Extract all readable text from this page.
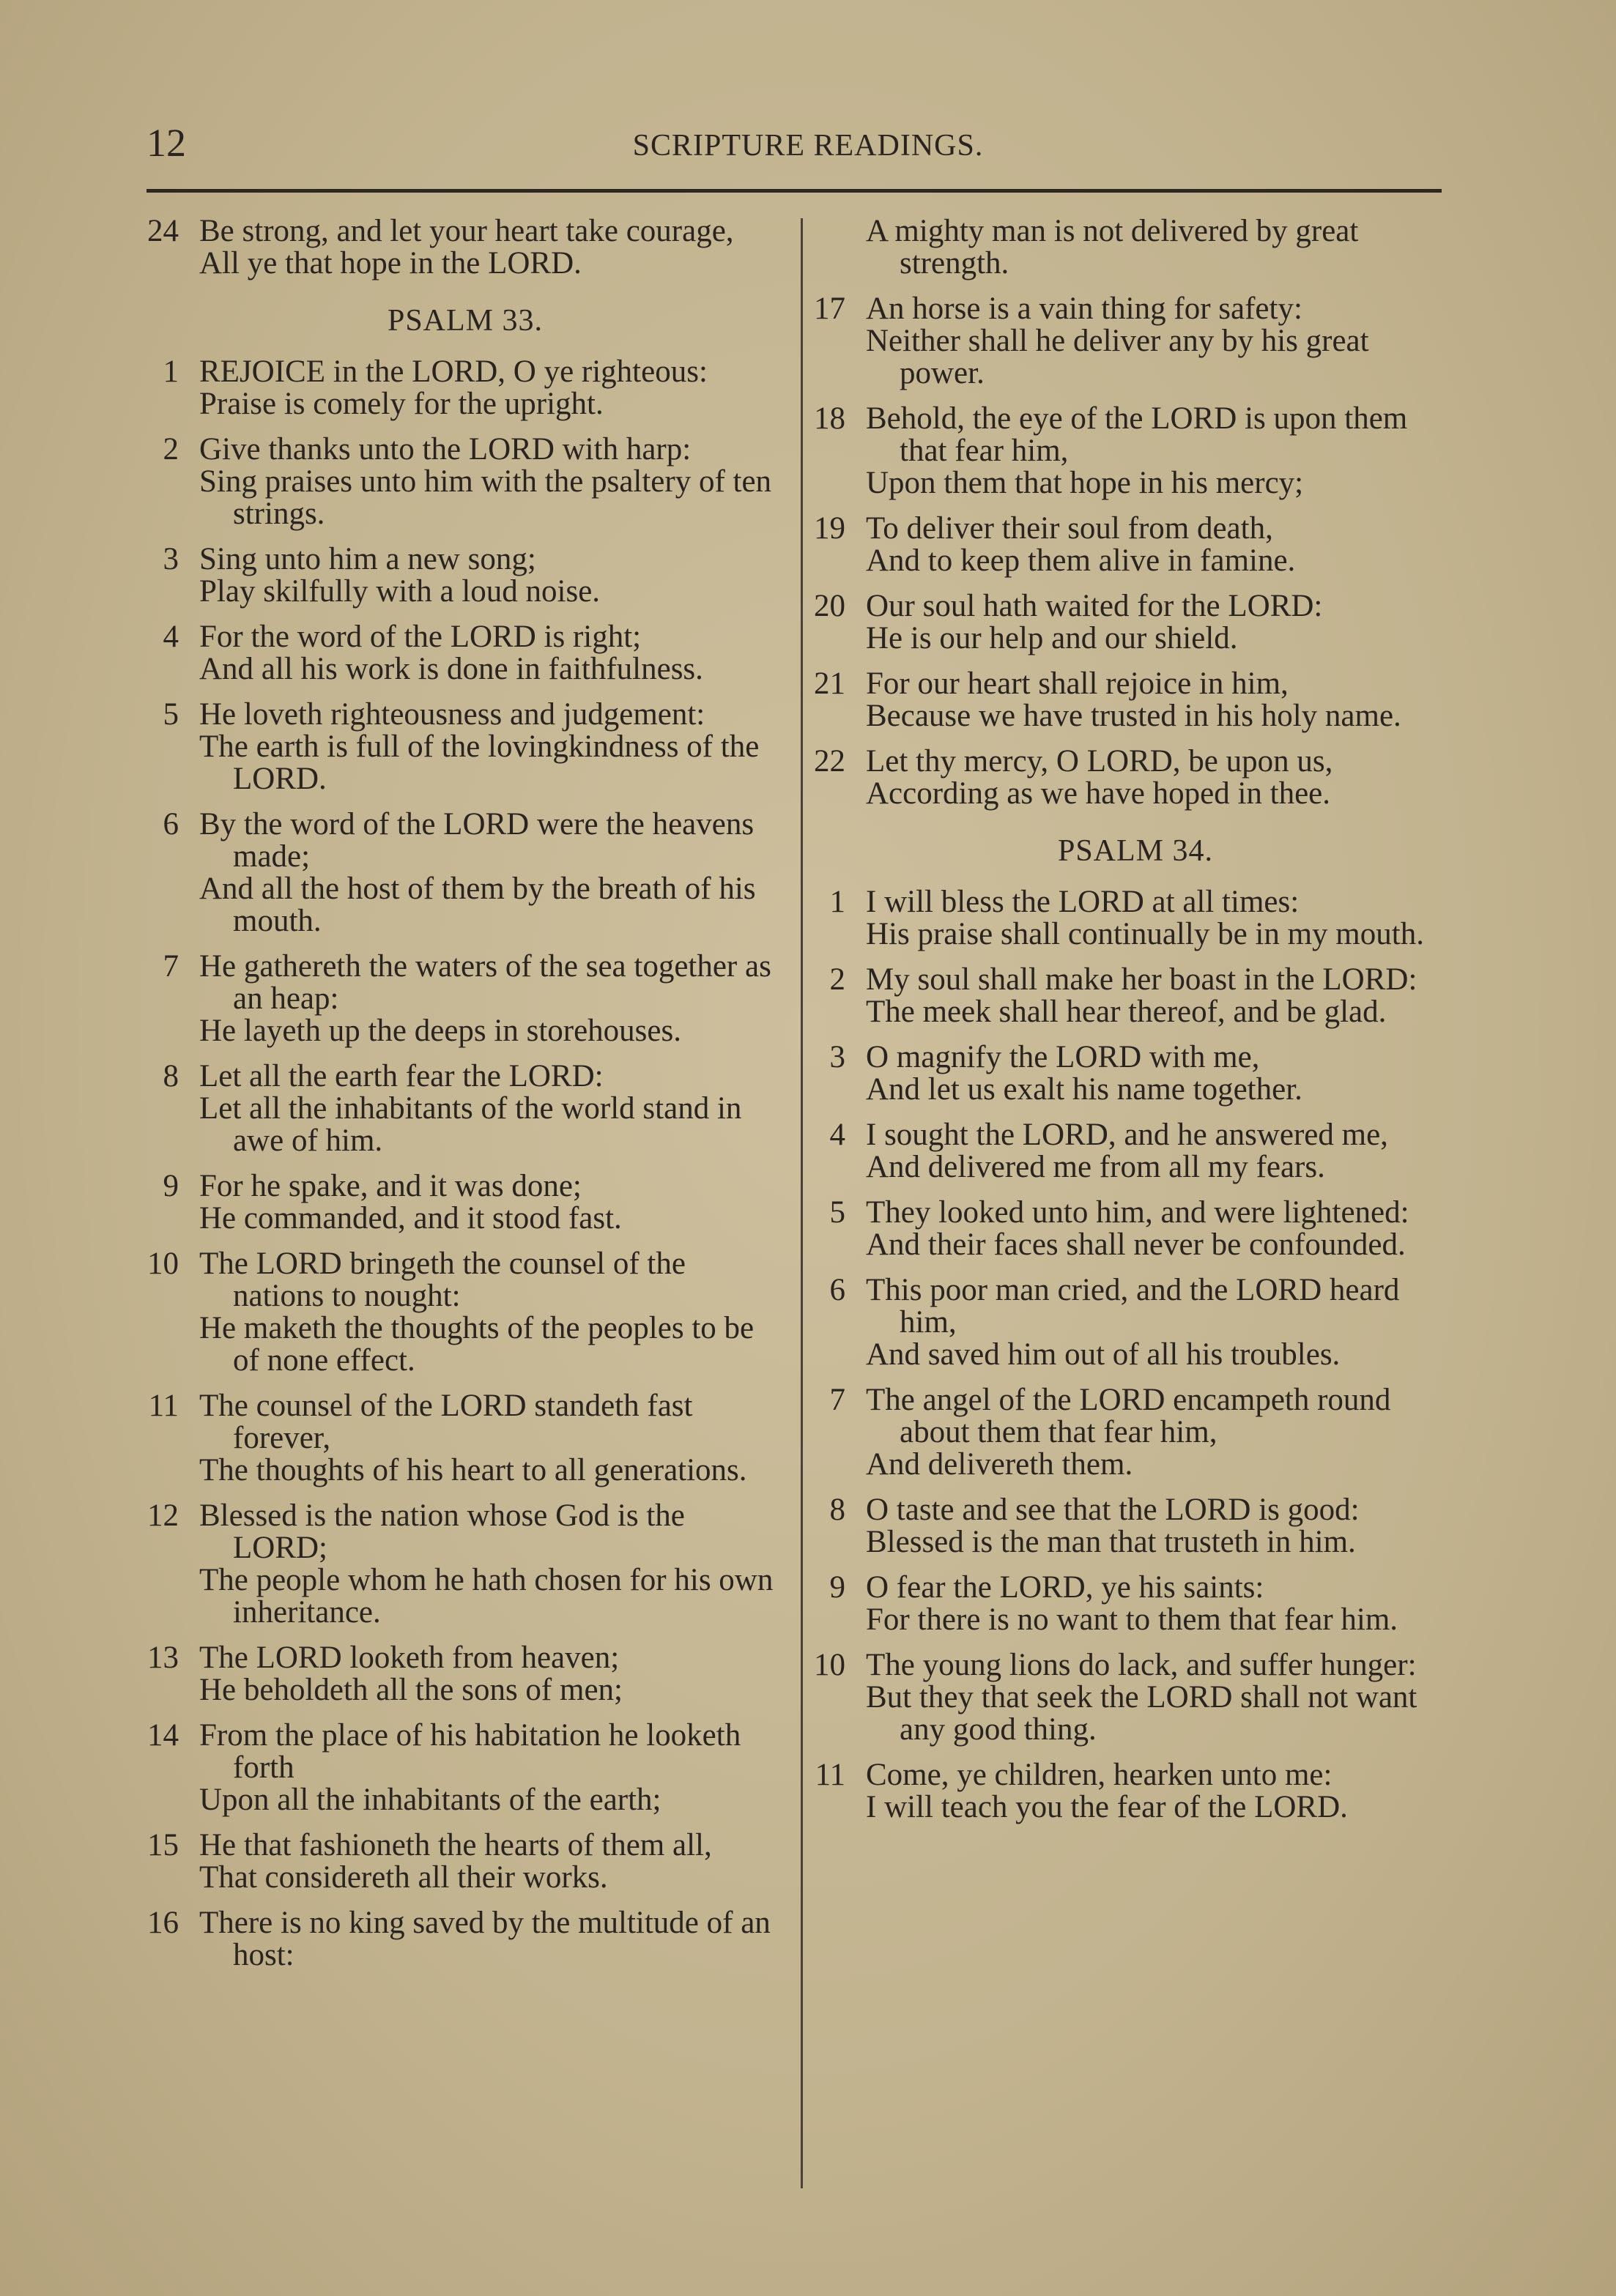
12	SCRIPTURE READINGS.
24 Be strong, and let your heart take courage,
All ye that hope in the LORD.
PSALM 33.
1 REJOICE in the LORD, O ye righteous:
Praise is comely for the upright.
2 Give thanks unto the LORD with harp:
Sing praises unto him with the psaltery of ten strings.
3 Sing unto him a new song;
Play skilfully with a loud noise.
4 For the word of the LORD is right;
And all his work is done in faithfulness.
5 He loveth righteousness and judgement:
The earth is full of the lovingkindness of the LORD.
6 By the word of the LORD were the heavens made;
And all the host of them by the breath of his mouth.
7 He gathereth the waters of the sea together as an heap:
He layeth up the deeps in storehouses.
8 Let all the earth fear the LORD:
Let all the inhabitants of the world stand in awe of him.
9 For he spake, and it was done;
He commanded, and it stood fast.
10 The LORD bringeth the counsel of the nations to nought:
He maketh the thoughts of the peoples to be of none effect.
11 The counsel of the LORD standeth fast forever,
The thoughts of his heart to all generations.
12 Blessed is the nation whose God is the LORD;
The people whom he hath chosen for his own inheritance.
13 The LORD looketh from heaven;
He beholdeth all the sons of men;
14 From the place of his habitation he looketh forth
Upon all the inhabitants of the earth;
15 He that fashioneth the hearts of them all,
That considereth all their works.
16 There is no king saved by the multitude of an host:
A mighty man is not delivered by great strength.
17 An horse is a vain thing for safety:
Neither shall he deliver any by his great power.
18 Behold, the eye of the LORD is upon them that fear him,
Upon them that hope in his mercy;
19 To deliver their soul from death,
And to keep them alive in famine.
20 Our soul hath waited for the LORD:
He is our help and our shield.
21 For our heart shall rejoice in him,
Because we have trusted in his holy name.
22 Let thy mercy, O LORD, be upon us,
According as we have hoped in thee.
PSALM 34.
1 I will bless the LORD at all times:
His praise shall continually be in my mouth.
2 My soul shall make her boast in the LORD:
The meek shall hear thereof, and be glad.
3 O magnify the LORD with me,
And let us exalt his name together.
4 I sought the LORD, and he answered me,
And delivered me from all my fears.
5 They looked unto him, and were lightened:
And their faces shall never be confounded.
6 This poor man cried, and the LORD heard him,
And saved him out of all his troubles.
7 The angel of the LORD encampeth round about them that fear him,
And delivereth them.
8 O taste and see that the LORD is good:
Blessed is the man that trusteth in him.
9 O fear the LORD, ye his saints:
For there is no want to them that fear him.
10 The young lions do lack, and suffer hunger:
But they that seek the LORD shall not want any good thing.
11 Come, ye children, hearken unto me:
I will teach you the fear of the LORD.
